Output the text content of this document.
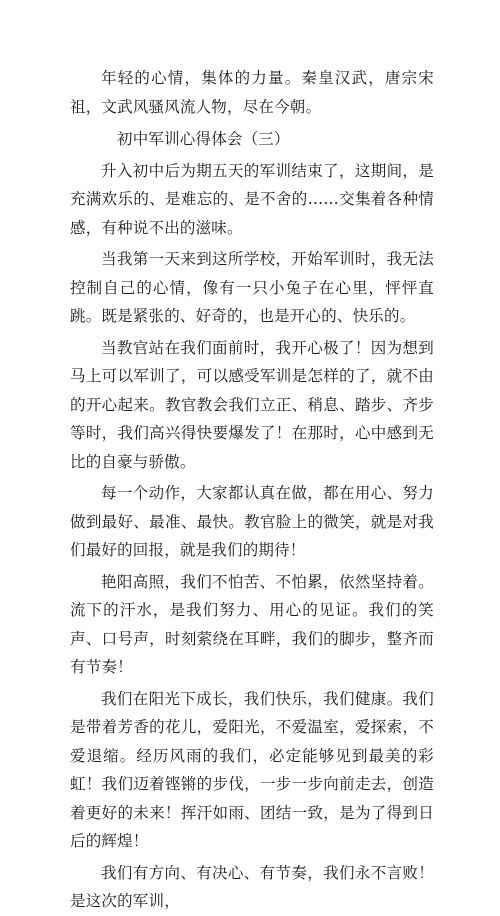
年轻的心情，集体的力量。秦皇汉武，唐宗宋祖，文武风骚风流人物，尽在今朝。

初中军训心得体会（三）

升入初中后为期五天的军训结束了，这期间，是充满欢乐的、是难忘的、是不舍的……交集着各种情感，有种说不出的滋味。

当我第一天来到这所学校，开始军训时，我无法控制自己的心情，像有一只小兔子在心里，怦怦直跳。既是紧张的、好奇的，也是开心的、快乐的。

当教官站在我们面前时，我开心极了！因为想到马上可以军训了，可以感受军训是怎样的了，就不由的开心起来。教官教会我们立正、稍息、踏步、齐步等时，我们高兴得快要爆发了！在那时，心中感到无比的自豪与骄傲。

每一个动作，大家都认真在做，都在用心、努力做到最好、最准、最快。教官脸上的微笑，就是对我们最好的回报，就是我们的期待！

艳阳高照，我们不怕苦、不怕累，依然坚持着。流下的汗水，是我们努力、用心的见证。我们的笑声、口号声，时刻萦绕在耳畔，我们的脚步，整齐而有节奏！

我们在阳光下成长，我们快乐，我们健康。我们是带着芳香的花儿，爱阳光，不爱温室，爱探索，不爱退缩。经历风雨的我们，必定能够见到最美的彩虹！我们迈着铿锵的步伐，一步一步向前走去，创造着更好的未来！挥汗如雨、团结一致，是为了得到日后的辉煌！

我们有方向、有决心、有节奏，我们永不言败！是这次的军训，
